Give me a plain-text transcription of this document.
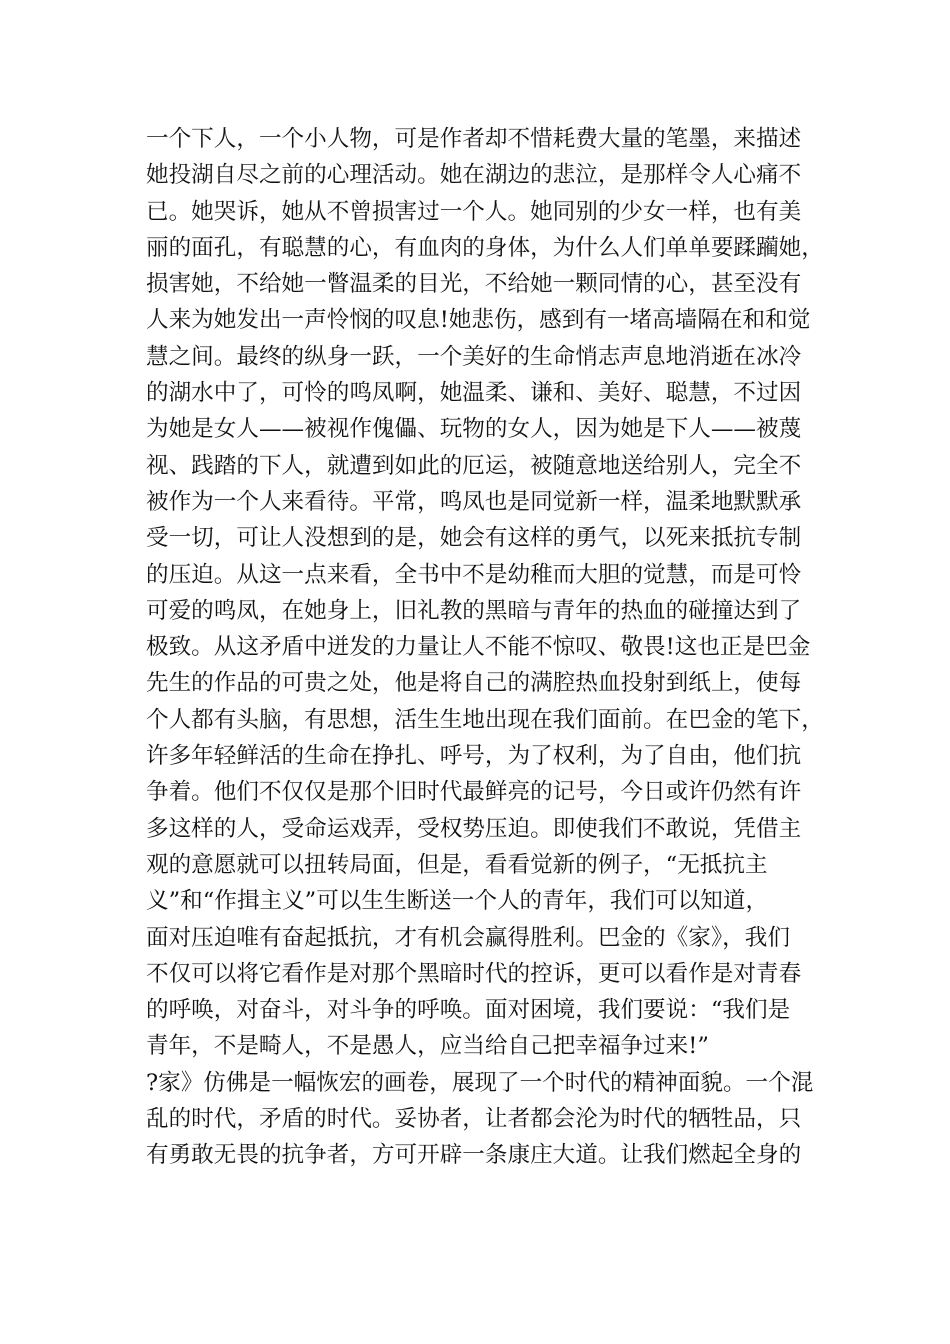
一个下人，一个小人物，可是作者却不惜耗费大量的笔墨，来描述
她投湖自尽之前的心理活动。她在湖边的悲泣，是那样令人心痛不
已。她哭诉，她从不曾损害过一个人。她同别的少女一样，也有美
丽的面孔，有聪慧的心，有血肉的身体，为什么人们单单要蹂躏她，
损害她，不给她一瞥温柔的目光，不给她一颗同情的心，甚至没有
人来为她发出一声怜悯的叹息!她悲伤，感到有一堵高墙隔在和和觉
慧之间。最终的纵身一跃，一个美好的生命悄志声息地消逝在冰冷
的湖水中了，可怜的鸣凤啊，她温柔、谦和、美好、聪慧，不过因
为她是女人——被视作傀儡、玩物的女人，因为她是下人——被蔑
视、践踏的下人，就遭到如此的厄运，被随意地送给别人，完全不
被作为一个人来看待。平常，鸣凤也是同觉新一样，温柔地默默承
受一切，可让人没想到的是，她会有这样的勇气，以死来抵抗专制
的压迫。从这一点来看，全书中不是幼稚而大胆的觉慧，而是可怜
可爱的鸣凤，在她身上，旧礼教的黑暗与青年的热血的碰撞达到了
极致。从这矛盾中迸发的力量让人不能不惊叹、敬畏!这也正是巴金
先生的作品的可贵之处，他是将自己的满腔热血投射到纸上，使每
个人都有头脑，有思想，活生生地出现在我们面前。在巴金的笔下，
许多年轻鲜活的生命在挣扎、呼号，为了权利，为了自由，他们抗
争着。他们不仅仅是那个旧时代最鲜亮的记号，今日或许仍然有许
多这样的人，受命运戏弄，受权势压迫。即使我们不敢说，凭借主
观的意愿就可以扭转局面，但是，看看觉新的例子，“无抵抗主
义”和“作揖主义”可以生生断送一个人的青年，我们可以知道，
面对压迫唯有奋起抵抗，才有机会赢得胜利。巴金的《家》，我们
不仅可以将它看作是对那个黑暗时代的控诉，更可以看作是对青春
的呼唤，对奋斗，对斗争的呼唤。面对困境，我们要说：“我们是
青年，不是畸人，不是愚人，应当给自己把幸福争过来!”
?家》仿佛是一幅恢宏的画卷，展现了一个时代的精神面貌。一个混
乱的时代，矛盾的时代。妥协者，让者都会沦为时代的牺牲品，只
有勇敢无畏的抗争者，方可开辟一条康庄大道。让我们燃起全身的
